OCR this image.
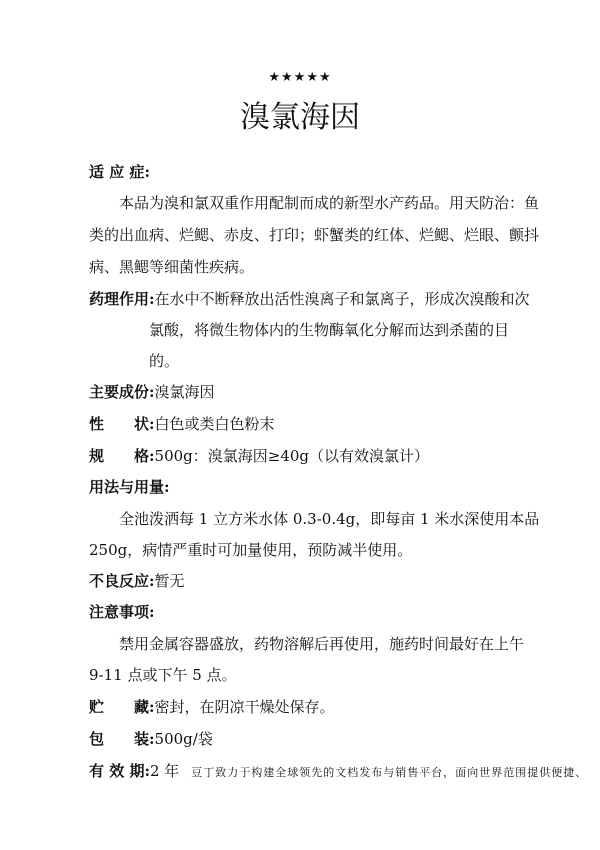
★★★★★
溴氯海因
适 应 症:
本品为溴和氯双重作用配制而成的新型水产药品。用天防治：鱼
类的出血病、烂鳃、赤皮、打印；虾蟹类的红体、烂鳃、烂眼、颤抖
病、黑鳃等细菌性疾病。
药理作用:在水中不断释放出活性溴离子和氯离子，形成次溴酸和次
氯酸，将微生物体内的生物酶氧化分解而达到杀菌的目
的。
主要成份:溴氯海因
性　　状:白色或类白色粉末
规　　格:500g：溴氯海因≥40g（以有效溴氯计）
用法与用量:
全池泼洒每 1 立方米水体 0.3-0.4g，即每亩 1 米水深使用本品
250g，病情严重时可加量使用，预防减半使用。
不良反应:暂无
注意事项:
禁用金属容器盛放，药物溶解后再使用，施药时间最好在上午
9-11 点或下午 5 点。
贮　　藏:密封，在阴凉干燥处保存。
包　　装:500g/袋
有 效 期:2 年 豆丁致力于构建全球领先的文档发布与销售平台，面向世界范围提供便捷、
